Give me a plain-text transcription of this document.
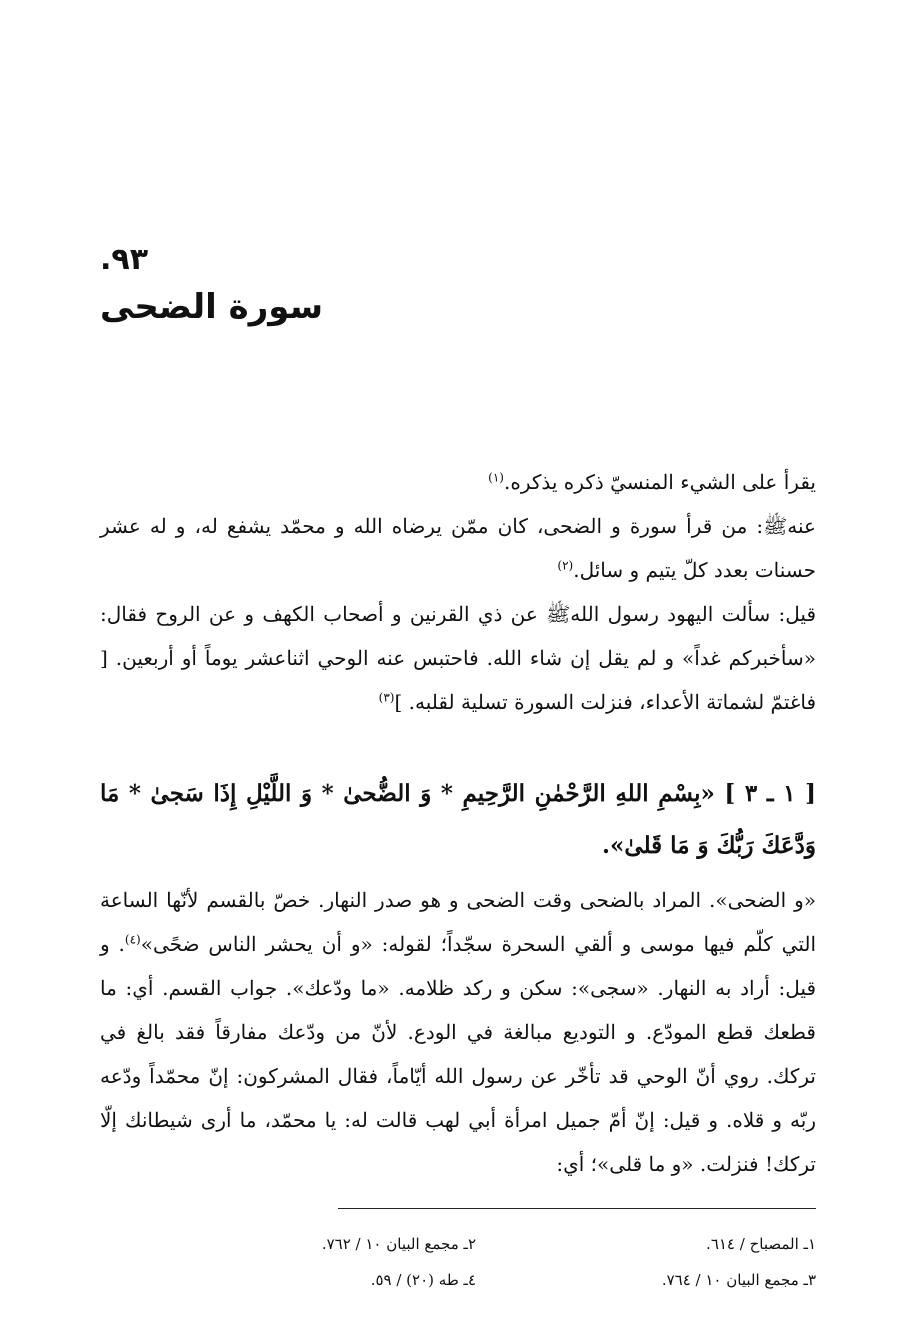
٩٣.
سورة الضحى

يقرأ على الشيء المنسيّ ذكره يذكره.$^{(١)}$

عنهﷺ: من قرأ سورة و الضحى، كان ممّن يرضاه الله و محمّد يشفع له، و له عشر حسنات بعدد كلّ يتيم و سائل.$^{(٢)}$

قيل: سألت اليهود رسول اللهﷺ عن ذي القرنين و أصحاب الكهف و عن الروح فقال: «سأخبركم غداً» و لم يقل إن شاء الله. فاحتبس عنه الوحي اثناعشر يوماً أو أربعين. [ فاغتمّ لشماتة الأعداء، فنزلت السورة تسلية لقلبه. ]$^{(٣)}$

[ ١ ـ ٣ ] «بِسْمِ اللهِ الرَّحْمٰنِ الرَّحِيمِ * وَ الضُّحىٰ * وَ اللَّيْلِ إِذَا سَجىٰ * مَا وَدَّعَكَ رَبُّكَ وَ مَا قَلىٰ».

«و الضحى». المراد بالضحى وقت الضحى و هو صدر النهار. خصّ بالقسم لأنّها الساعة التي كلّم فيها موسى و ألقي السحرة سجّداً؛ لقوله: «و أن يحشر الناس ضحًى»$^{(٤)}$. و قيل: أراد به النهار. «سجى»: سكن و ركد ظلامه. «ما ودّعك». جواب القسم. أي: ما قطعك قطع المودّع. و التوديع مبالغة في الودع. لأنّ من ودّعك مفارقاً فقد بالغ في تركك. روي أنّ الوحي قد تأخّر عن رسول الله أيّاماً، فقال المشركون: إنّ محمّداً ودّعه ربّه و قلاه. و قيل: إنّ أمّ جميل امرأة أبي لهب قالت له: يا محمّد، ما أرى شيطانك إلّا تركك! فنزلت. «و ما قلى»؛ أي:

١ـ المصباح / ٦١٤.
٢ـ مجمع البيان ١٠ / ٧٦٢.
٣ـ مجمع البيان ١٠ / ٧٦٤.
٤ـ طه (٢٠) / ٥٩.
